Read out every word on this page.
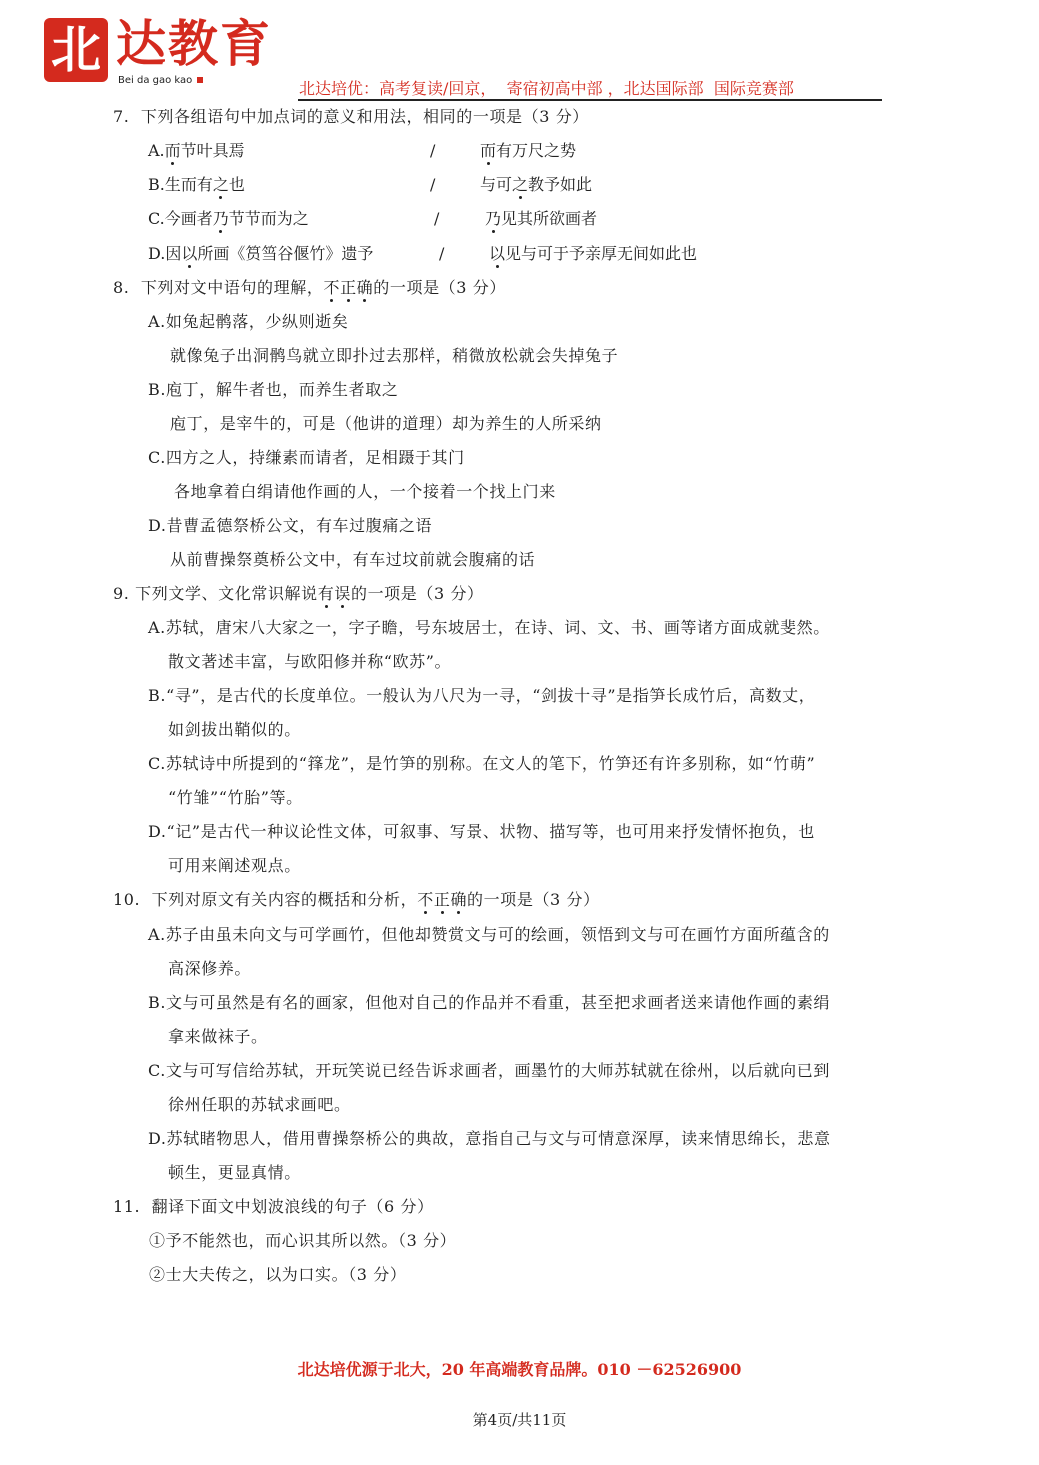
北 达教育
Bei da gao kao	北达培优：高考复读/回京，  寄宿初高中部 ，北达国际部  国际竞赛部
7.  下列各组语句中加点词的意义和用法，相同的一项是（3 分）
A.而节叶具焉	/	而有万尺之势
B.生而有之也	/	与可之教予如此
C.今画者乃节节而为之	/	乃见其所欲画者
D.因以所画《筼筜谷偃竹》遗予	/	以见与可于予亲厚无间如此也
8.  下列对文中语句的理解，不正确的一项是（3 分）
A.如兔起鹘落，少纵则逝矣
就像兔子出洞鹘鸟就立即扑过去那样，稍微放松就会失掉兔子
B.庖丁，解牛者也，而养生者取之
庖丁，是宰牛的，可是（他讲的道理）却为养生的人所采纳
C.四方之人，持缣素而请者，足相蹑于其门
各地拿着白绢请他作画的人，一个接着一个找上门来
D.昔曹孟德祭桥公文，有车过腹痛之语
从前曹操祭奠桥公文中，有车过坟前就会腹痛的话
9. 下列文学、文化常识解说有误的一项是（3 分）
A.苏轼，唐宋八大家之一，字子瞻，号东坡居士，在诗、词、文、书、画等诸方面成就斐然。
散文著述丰富，与欧阳修并称“欧苏”。
B.“寻”，是古代的长度单位。一般认为八尺为一寻，“剑拔十寻”是指笋长成竹后，高数丈，
如剑拔出鞘似的。
C.苏轼诗中所提到的“箨龙”，是竹笋的别称。在文人的笔下，竹笋还有许多别称，如“竹萌”
“竹雏”“竹胎”等。
D.“记”是古代一种议论性文体，可叙事、写景、状物、描写等，也可用来抒发情怀抱负，也
可用来阐述观点。
10.  下列对原文有关内容的概括和分析，不正确的一项是（3 分）
A.苏子由虽未向文与可学画竹，但他却赞赏文与可的绘画，领悟到文与可在画竹方面所蕴含的
高深修养。
B.文与可虽然是有名的画家，但他对自己的作品并不看重，甚至把求画者送来请他作画的素绢
拿来做袜子。
C.文与可写信给苏轼，开玩笑说已经告诉求画者，画墨竹的大师苏轼就在徐州，以后就向已到
徐州任职的苏轼求画吧。
D.苏轼睹物思人，借用曹操祭桥公的典故，意指自己与文与可情意深厚，读来情思绵长，悲意
顿生，更显真情。
11.  翻译下面文中划波浪线的句子（6 分）
①予不能然也，而心识其所以然。（3 分）
②士大夫传之，以为口实。（3 分）
北达培优源于北大，20 年高端教育品牌。010 －62526900
第4页/共11页
